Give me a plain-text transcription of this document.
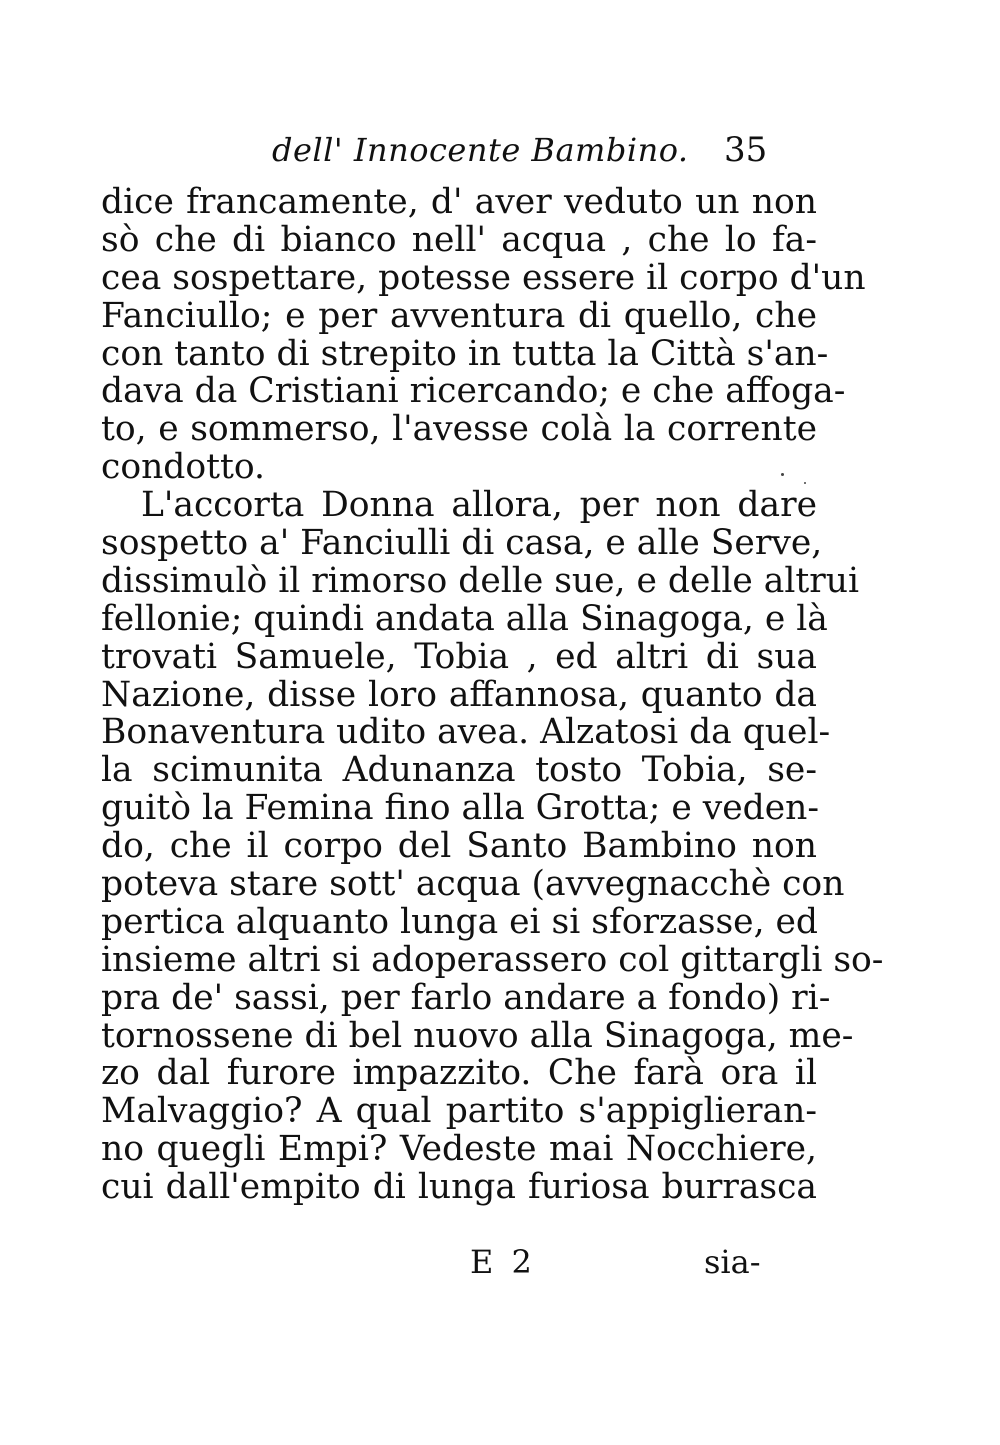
dell' Innocente Bambino. 35
dice francamente, d' aver veduto un non
sò che di bianco nell' acqua , che lo fa-
cea sospettare, potesse essere il corpo d'un
Fanciullo; e per avventura di quello, che
con tanto di strepito in tutta la Città s'an-
dava da Cristiani ricercando; e che affoga-
to, e sommerso, l'avesse colà la corrente
condotto.
L'accorta Donna allora, per non dare
sospetto a' Fanciulli di casa, e alle Serve,
dissimulò il rimorso delle sue, e delle altrui
fellonie; quindi andata alla Sinagoga, e là
trovati Samuele, Tobia , ed altri di sua
Nazione, disse loro affannosa, quanto da
Bonaventura udito avea. Alzatosi da quel-
la scimunita Adunanza tosto Tobia, se-
guitò la Femina fino alla Grotta; e veden-
do, che il corpo del Santo Bambino non
poteva stare sott' acqua (avvegnacchè con
pertica alquanto lunga ei si sforzasse, ed
insieme altri si adoperassero col gittargli so-
pra de' sassi, per farlo andare a fondo) ri-
tornossene di bel nuovo alla Sinagoga, me-
zo dal furore impazzito. Che farà ora il
Malvaggio? A qual partito s'appiglieran-
no quegli Empi? Vedeste mai Nocchiere,
cui dall'empito di lunga furiosa burrasca
E 2	sia-
